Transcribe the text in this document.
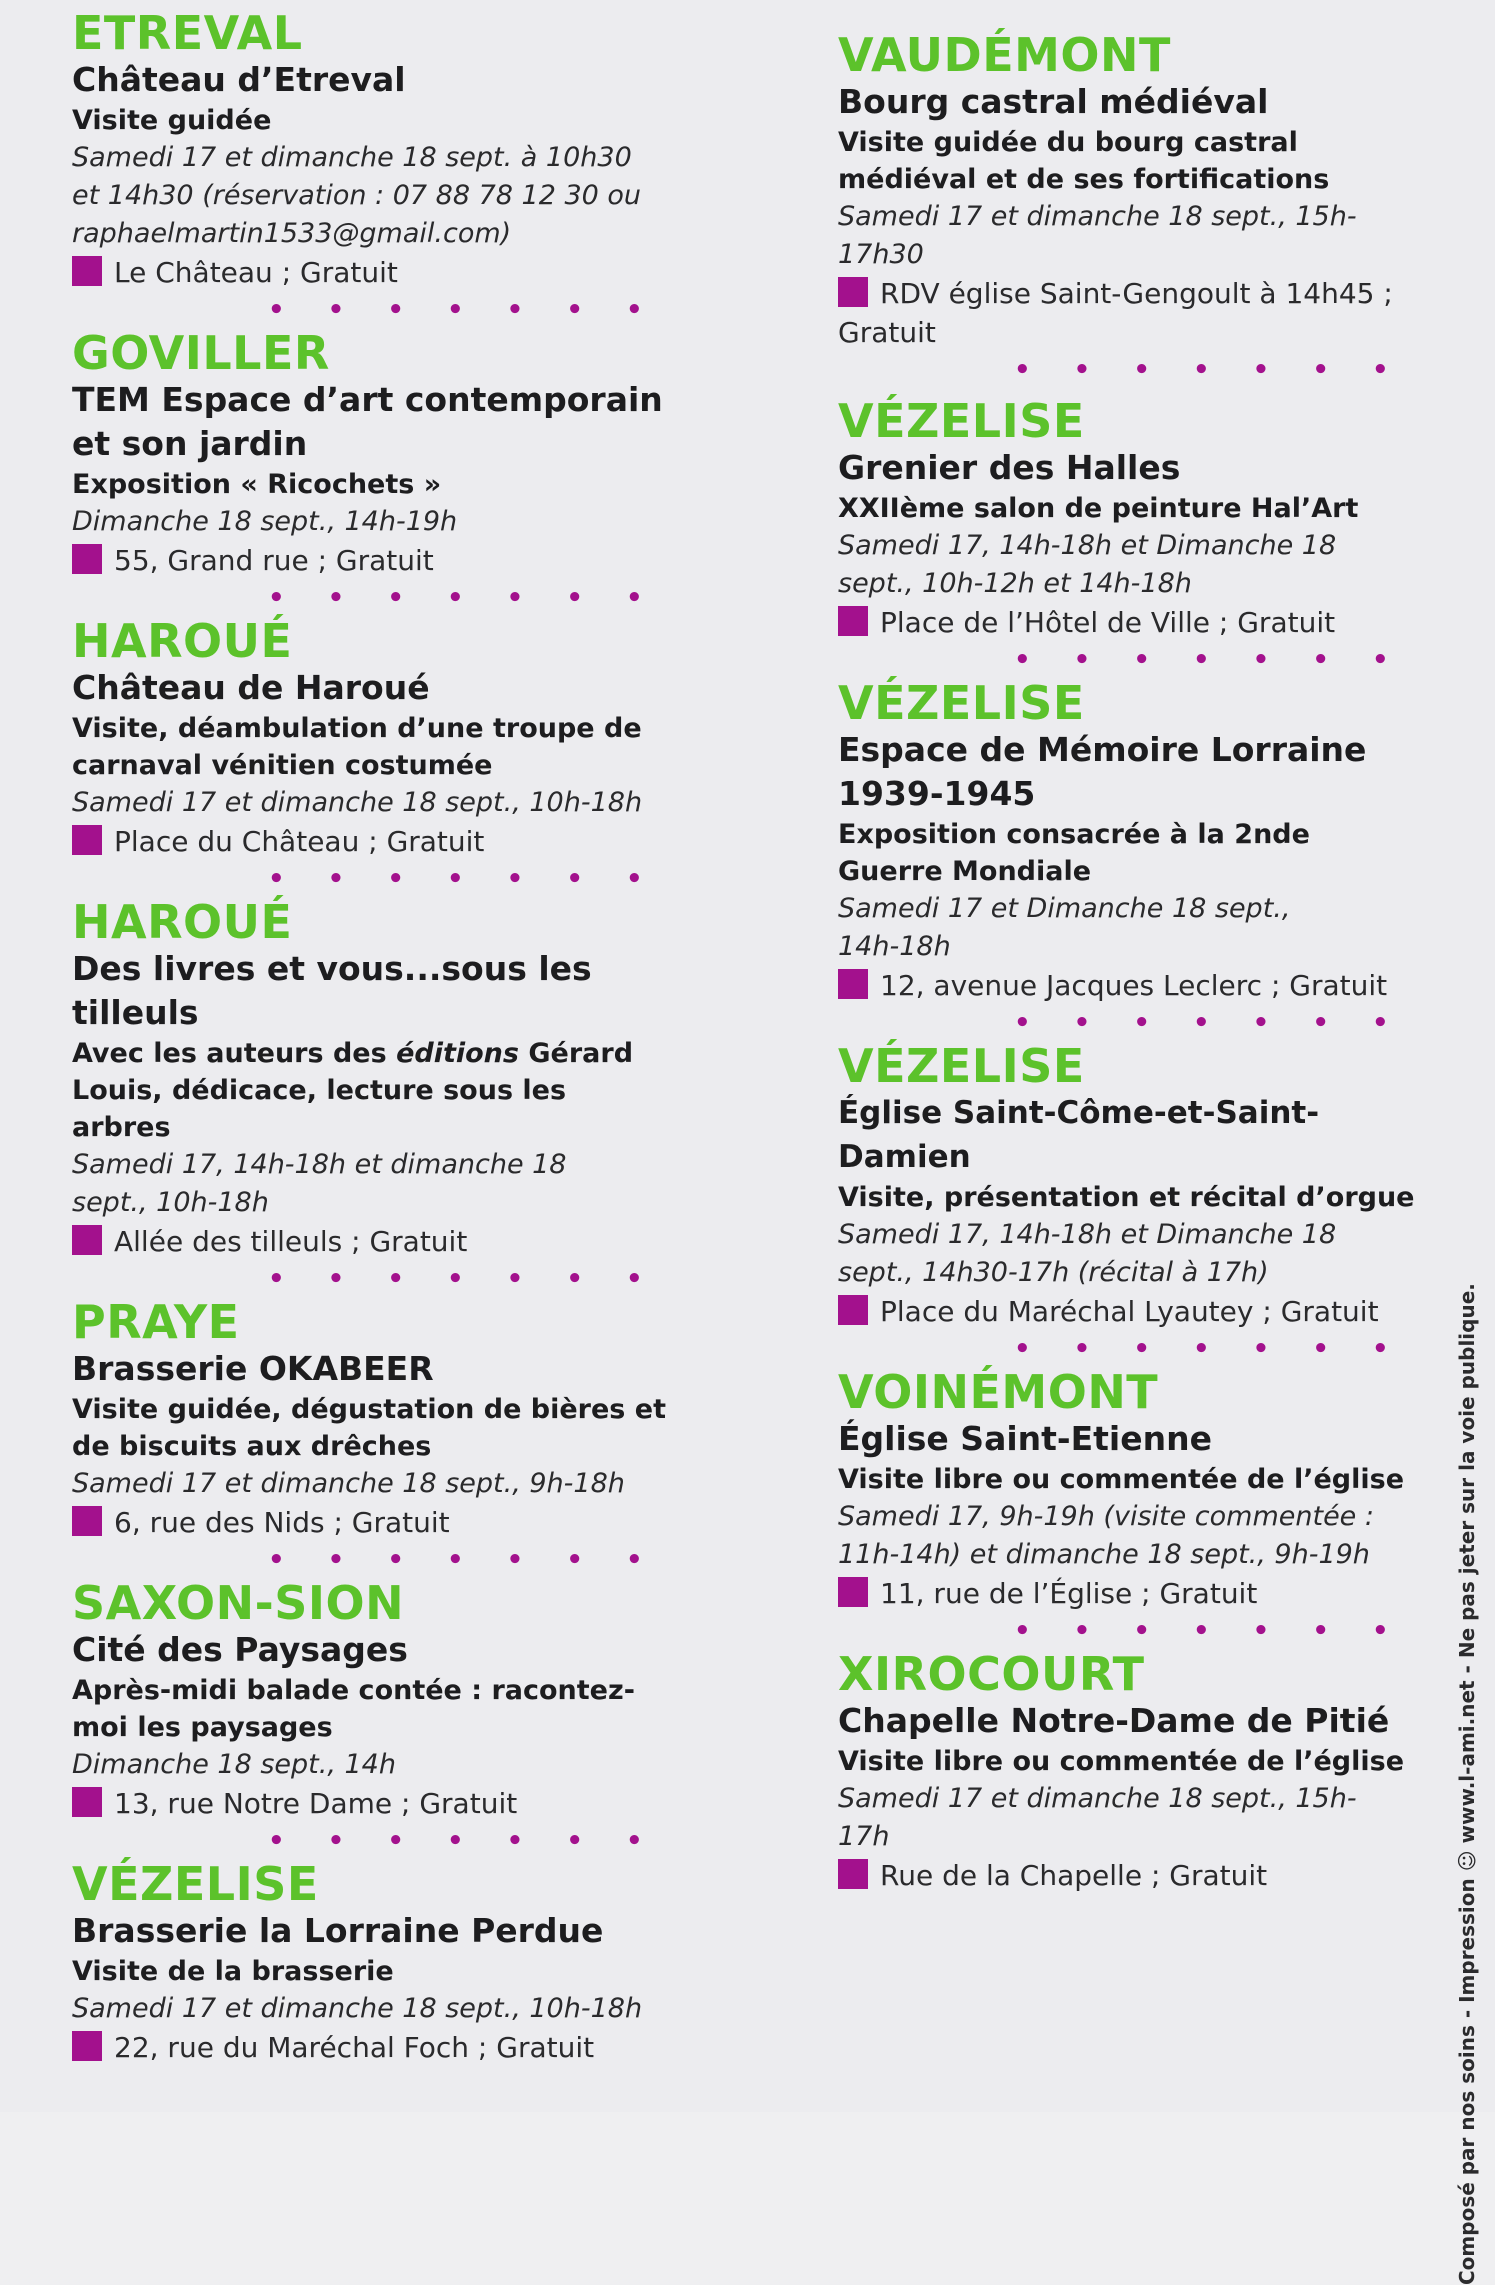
ETREVAL
Château d’Etreval
Visite guidée
Samedi 17 et dimanche 18 sept. à 10h30 et 14h30 (réservation : 07 88 78 12 30 ou raphaelmartin1533@gmail.com)
Le Château ; Gratuit
• • • • • • •
GOVILLER
TEM Espace d’art contemporain et son jardin
Exposition « Ricochets »
Dimanche 18 sept., 14h-19h
55, Grand rue ; Gratuit
• • • • • • •
HAROUÉ
Château de Haroué
Visite, déambulation d’une troupe de carnaval vénitien costumée
Samedi 17 et dimanche 18 sept., 10h-18h
Place du Château ; Gratuit
• • • • • • •
HAROUÉ
Des livres et vous...sous les tilleuls
Avec les auteurs des éditions Gérard Louis, dédicace, lecture sous les arbres
Samedi 17, 14h-18h et dimanche 18 sept., 10h-18h
Allée des tilleuls ; Gratuit
• • • • • • •
PRAYE
Brasserie OKABEER
Visite guidée, dégustation de bières et de biscuits aux drêches
Samedi 17 et dimanche 18 sept., 9h-18h
6, rue des Nids ; Gratuit
• • • • • • •
SAXON-SION
Cité des Paysages
Après-midi balade contée : racontez-moi les paysages
Dimanche 18 sept., 14h
13, rue Notre Dame ; Gratuit
• • • • • • •
VÉZELISE
Brasserie la Lorraine Perdue
Visite de la brasserie
Samedi 17 et dimanche 18 sept., 10h-18h
22, rue du Maréchal Foch ; Gratuit
VAUDÉMONT
Bourg castral médiéval
Visite guidée du bourg castral médiéval et de ses fortifications
Samedi 17 et dimanche 18 sept., 15h-17h30
RDV église Saint-Gengoult à 14h45 ; Gratuit
• • • • • • •
VÉZELISE
Grenier des Halles
XXIIème salon de peinture Hal’Art
Samedi 17, 14h-18h et Dimanche 18 sept., 10h-12h et 14h-18h
Place de l’Hôtel de Ville ; Gratuit
• • • • • • •
VÉZELISE
Espace de Mémoire Lorraine 1939-1945
Exposition consacrée à la 2nde Guerre Mondiale
Samedi 17 et Dimanche 18 sept., 14h-18h
12, avenue Jacques Leclerc ; Gratuit
• • • • • • •
VÉZELISE
Église Saint-Côme-et-Saint-Damien
Visite, présentation et récital d’orgue
Samedi 17, 14h-18h et Dimanche 18 sept., 14h30-17h (récital à 17h)
Place du Maréchal Lyautey ; Gratuit
• • • • • • •
VOINÉMONT
Église Saint-Etienne
Visite libre ou commentée de l’église
Samedi 17, 9h-19h (visite commentée : 11h-14h) et dimanche 18 sept., 9h-19h
11, rue de l’Église ; Gratuit
• • • • • • •
XIROCOURT
Chapelle Notre-Dame de Pitié
Visite libre ou commentée de l’église
Samedi 17 et dimanche 18 sept., 15h-17h
Rue de la Chapelle ; Gratuit	Composé par nos soins - Impression ☺ www.l-ami.net - Ne pas jeter sur la voie publique.
